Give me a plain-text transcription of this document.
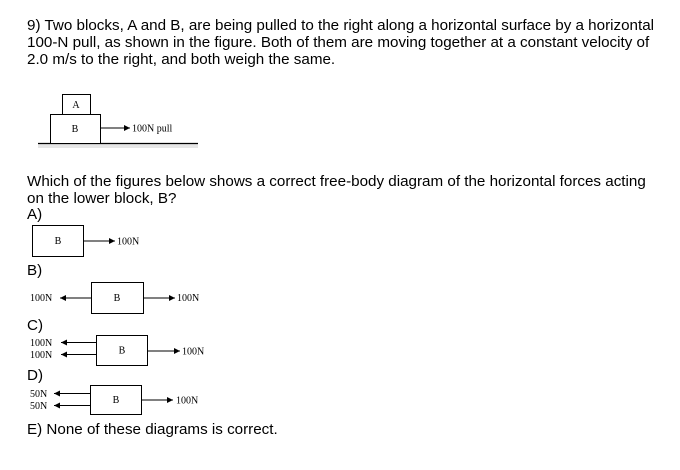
9) Two blocks, A and B, are being pulled to the right along a horizontal surface by a horizontal 100-N pull, as shown in the figure. Both of them are moving together at a constant velocity of 2.0 m/s to the right, and both weigh the same.
A
B	100N pull
B	100N
B
100N	100N
B
100N
100N	100N
B
50N
50N	100N
Which of the figures below shows a correct free-body diagram of the horizontal forces acting on the lower block, B?
A)
B)
C)
D)
E) None of these diagrams is correct.
